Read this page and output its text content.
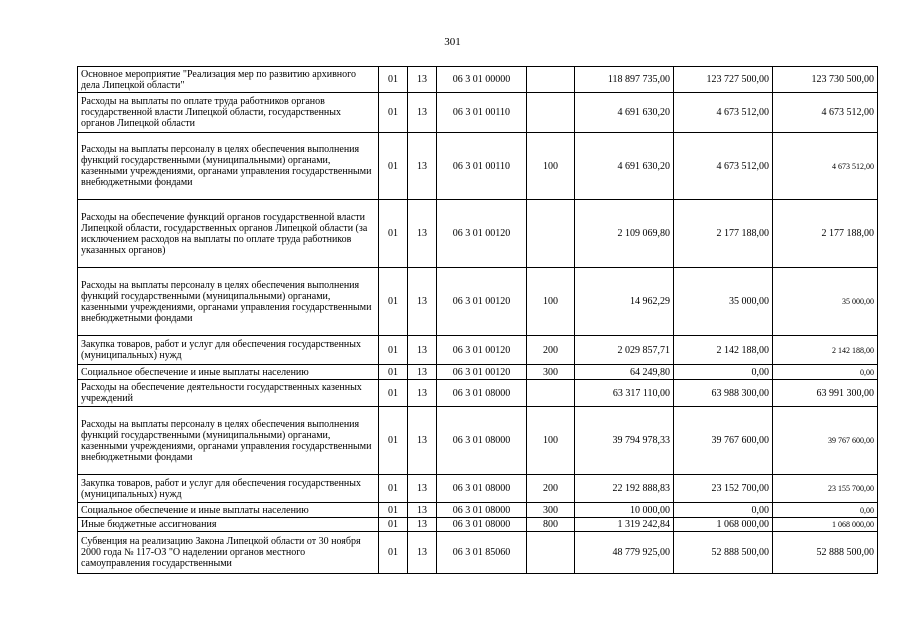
301
Основное мероприятие "Реализация мер по развитию архивного дела Липецкой области"	01	13	06 3 01 00000		118 897 735,00	123 727 500,00	123 730 500,00
Расходы на выплаты по оплате труда работников органов государственной власти Липецкой области, государственных органов Липецкой области	01	13	06 3 01 00110		4 691 630,20	4 673 512,00	4 673 512,00
Расходы на выплаты персоналу в целях обеспечения выполнения функций государственными (муниципальными) органами, казенными учреждениями, органами управления государственными внебюджетными фондами	01	13	06 3 01 00110	100	4 691 630,20	4 673 512,00	4 673 512,00
Расходы на обеспечение функций органов государственной власти Липецкой области, государственных органов Липецкой области (за исключением расходов на выплаты по оплате труда работников указанных органов)	01	13	06 3 01 00120		2 109 069,80	2 177 188,00	2 177 188,00
Расходы на выплаты персоналу в целях обеспечения выполнения функций государственными (муниципальными) органами, казенными учреждениями, органами управления государственными внебюджетными фондами	01	13	06 3 01 00120	100	14 962,29	35 000,00	35 000,00
Закупка товаров, работ и услуг для обеспечения государственных (муниципальных) нужд	01	13	06 3 01 00120	200	2 029 857,71	2 142 188,00	2 142 188,00
Социальное обеспечение и иные выплаты населению	01	13	06 3 01 00120	300	64 249,80	0,00	0,00
Расходы на обеспечение деятельности государственных казенных учреждений	01	13	06 3 01 08000		63 317 110,00	63 988 300,00	63 991 300,00
Расходы на выплаты персоналу в целях обеспечения выполнения функций государственными (муниципальными) органами, казенными учреждениями, органами управления государственными внебюджетными фондами	01	13	06 3 01 08000	100	39 794 978,33	39 767 600,00	39 767 600,00
Закупка товаров, работ и услуг для обеспечения государственных (муниципальных) нужд	01	13	06 3 01 08000	200	22 192 888,83	23 152 700,00	23 155 700,00
Социальное обеспечение и иные выплаты населению	01	13	06 3 01 08000	300	10 000,00	0,00	0,00
Иные бюджетные ассигнования	01	13	06 3 01 08000	800	1 319 242,84	1 068 000,00	1 068 000,00
Субвенция на реализацию Закона Липецкой области от 30 ноября 2000 года № 117-ОЗ "О наделении органов местного самоуправления государственными	01	13	06 3 01 85060		48 779 925,00	52 888 500,00	52 888 500,00
